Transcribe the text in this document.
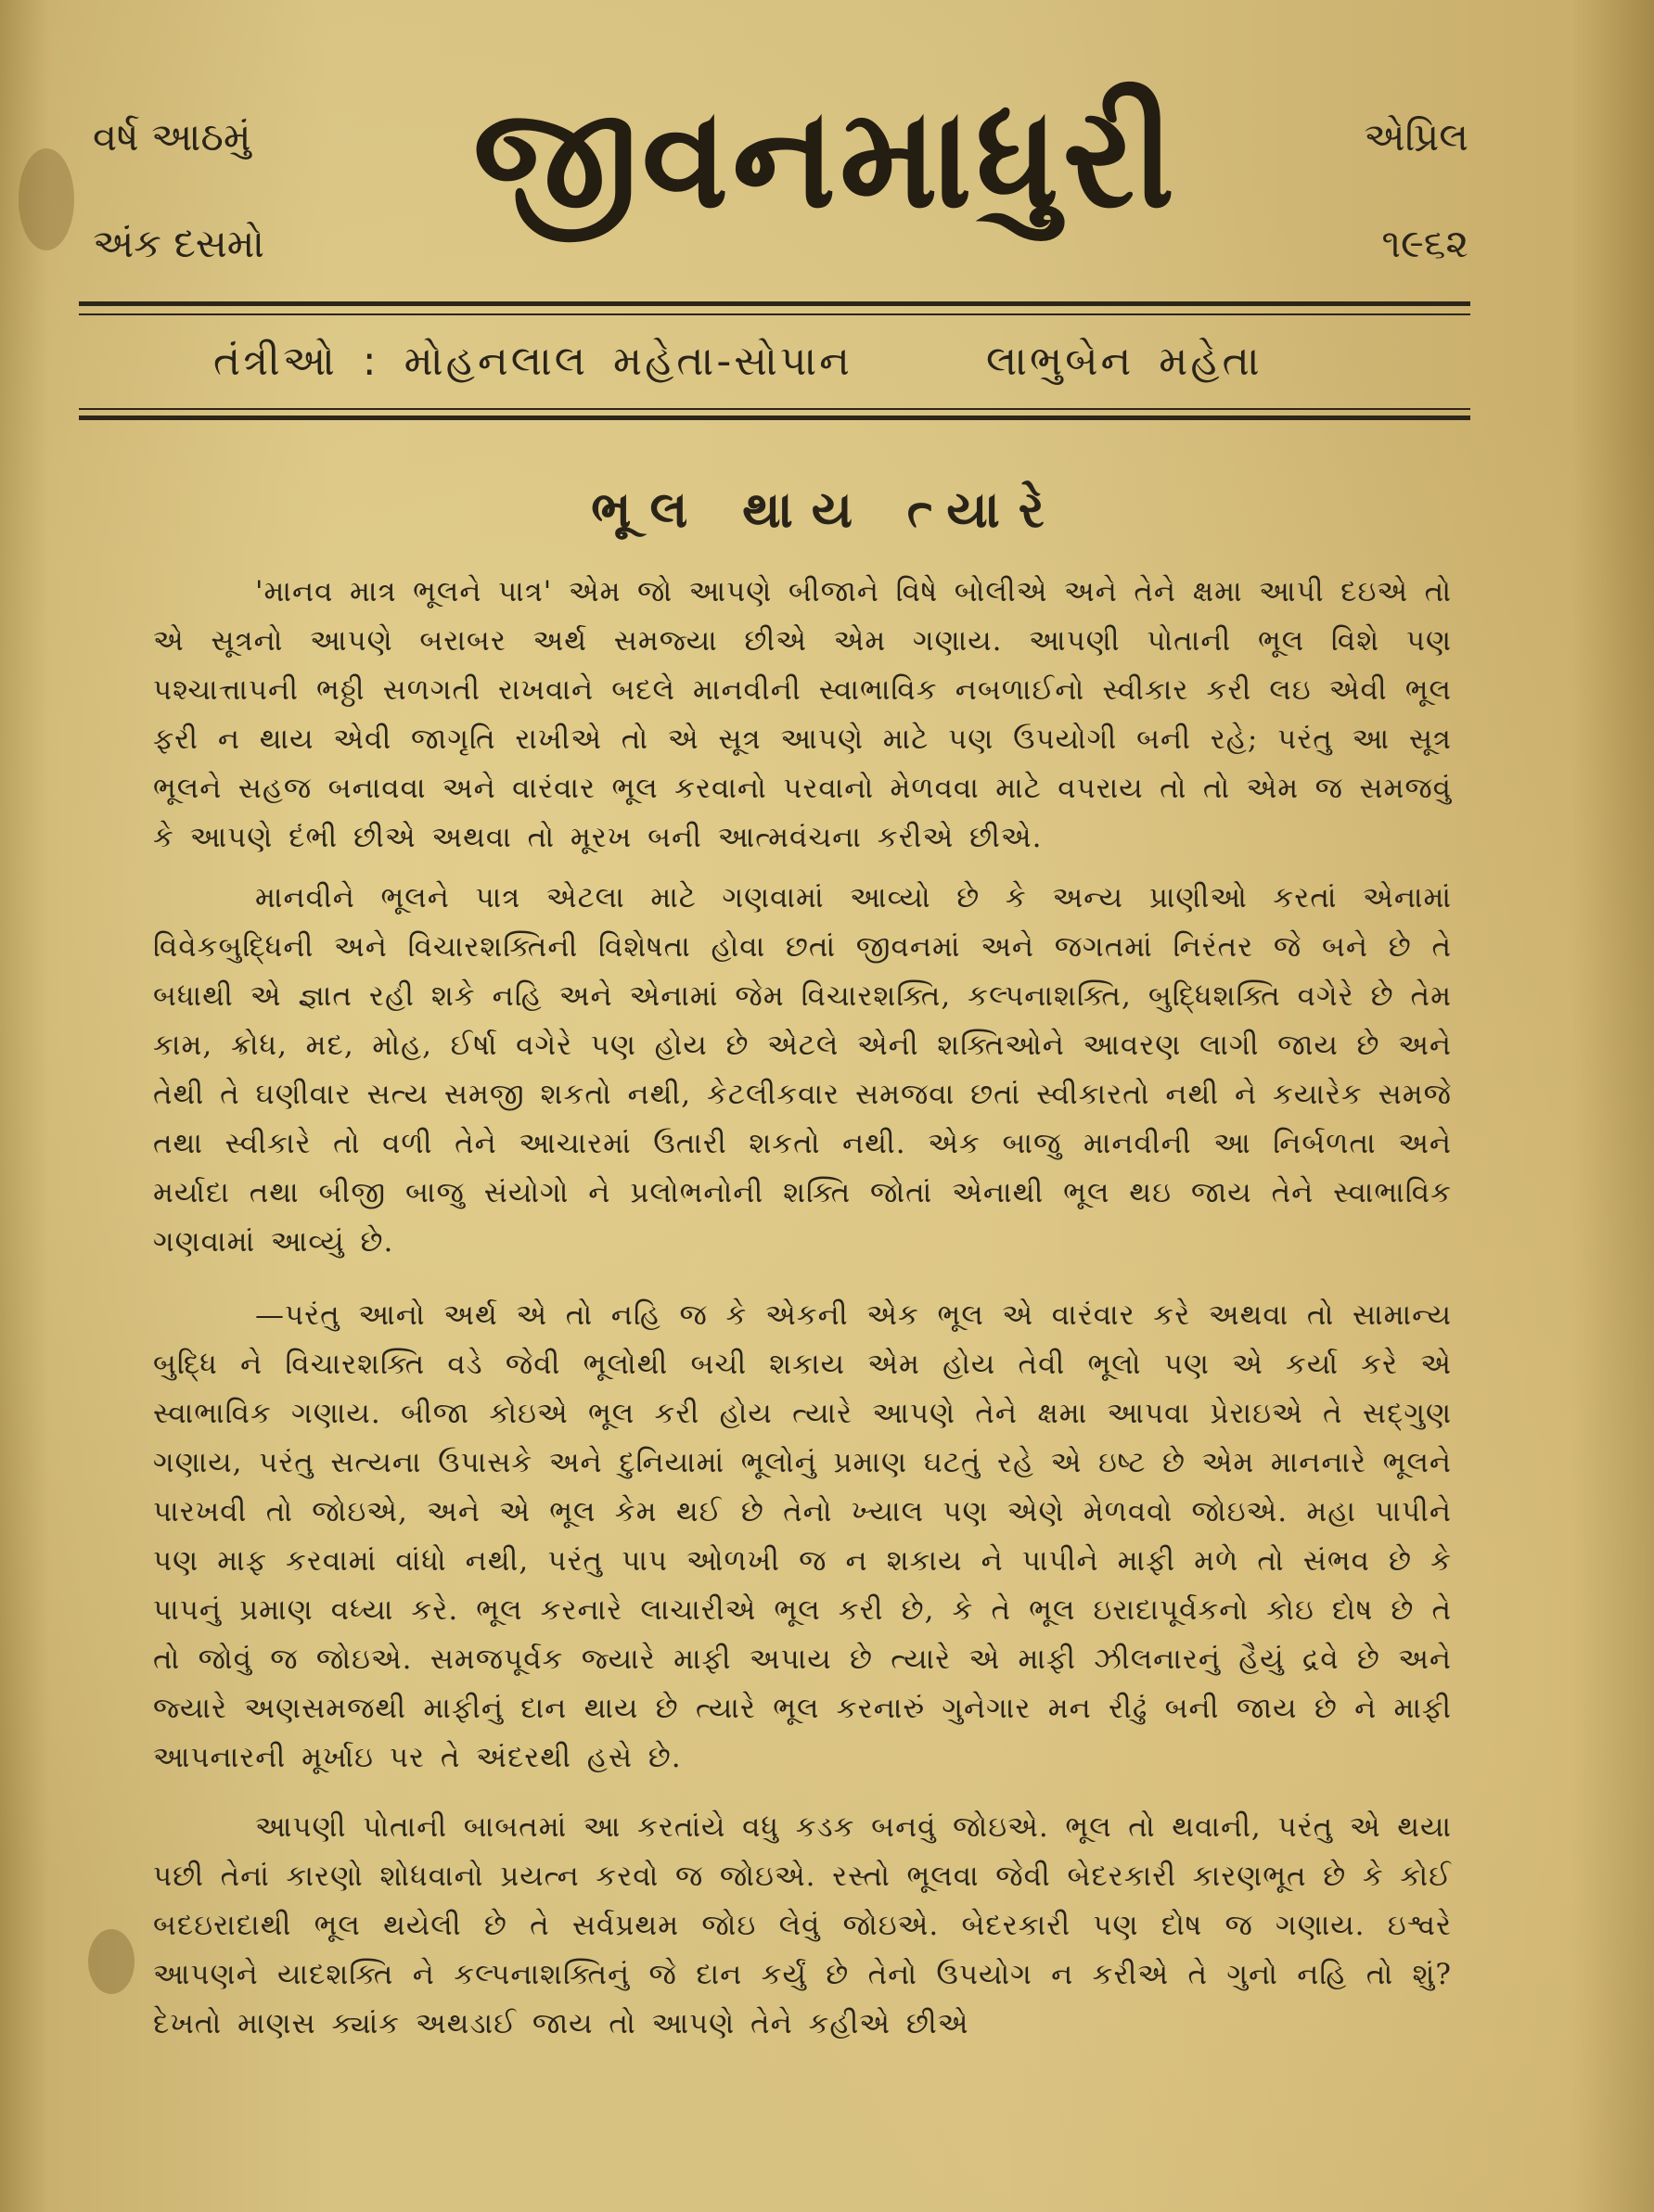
વર્ષ આઠમું
અંક દસમો
જીવનમાધુરી	એપ્રિલ
૧૯૬૨
તંત્રીઓ : મોહનલાલ મહેતા-સોપાન	લાભુબેન મહેતા
ભૂલ થાય ત્યારે

'માનવ માત્ર ભૂલને પાત્ર' એમ જો આપણે બીજાને વિષે બોલીએ અને તેને ક્ષમા આપી દઇએ તો એ સૂત્રનો આપણે બરાબર અર્થ સમજ્યા છીએ એમ ગણાય. આપણી પોતાની ભૂલ વિશે પણ પશ્ચાત્તાપની ભઠ્ઠી સળગતી રાખવાને બદલે માનવીની સ્વાભાવિક નબળાઈનો સ્વીકાર કરી લઇ એવી ભૂલ ફરી ન થાય એવી જાગૃતિ રાખીએ તો એ સૂત્ર આપણે માટે પણ ઉપયોગી બની રહે; પરંતુ આ સૂત્ર ભૂલને સહજ બનાવવા અને વારંવાર ભૂલ કરવાનો પરવાનો મેળવવા માટે વપરાય તો તો એમ જ સમજવું કે આપણે દંભી છીએ અથવા તો મૂરખ બની આત્મવંચના કરીએ છીએ.

માનવીને ભૂલને પાત્ર એટલા માટે ગણવામાં આવ્યો છે કે અન્ય પ્રાણીઓ કરતાં એનામાં વિવેકબુદ્ધિની અને વિચારશક્તિની વિશેષતા હોવા છતાં જીવનમાં અને જગતમાં નિરંતર જે બને છે તે બધાથી એ જ્ઞાત રહી શકે નહિ અને એનામાં જેમ વિચારશક્તિ, કલ્પનાશક્તિ, બુદ્ધિશક્તિ વગેરે છે તેમ કામ, ક્રોધ, મદ, મોહ, ઈર્ષા વગેરે પણ હોય છે એટલે એની શક્તિઓને આવરણ લાગી જાય છે અને તેથી તે ઘણીવાર સત્ય સમજી શકતો નથી, કેટલીકવાર સમજવા છતાં સ્વીકારતો નથી ને કયારેક સમજે તથા સ્વીકારે તો વળી તેને આચારમાં ઉતારી શકતો નથી. એક બાજુ માનવીની આ નિર્બળતા અને મર્યાદા તથા બીજી બાજુ સંયોગો ને પ્રલોભનોની શક્તિ જોતાં એનાથી ભૂલ થઇ જાય તેને સ્વાભાવિક ગણવામાં આવ્યું છે.

—પરંતુ આનો અર્થ એ તો નહિ જ કે એકની એક ભૂલ એ વારંવાર કરે અથવા તો સામાન્ય બુદ્ધિ ને વિચારશક્તિ વડે જેવી ભૂલોથી બચી શકાય એમ હોય તેવી ભૂલો પણ એ કર્યા કરે એ સ્વાભાવિક ગણાય. બીજા કોઇએ ભૂલ કરી હોય ત્યારે આપણે તેને ક્ષમા આપવા પ્રેરાઇએ તે સદ્ગુણ ગણાય, પરંતુ સત્યના ઉપાસકે અને દુનિયામાં ભૂલોનું પ્રમાણ ઘટતું રહે એ ઇષ્ટ છે એમ માનનારે ભૂલને પારખવી તો જોઇએ, અને એ ભૂલ કેમ થઈ છે તેનો ખ્યાલ પણ એણે મેળવવો જોઇએ. મહા પાપીને પણ માફ કરવામાં વાંધો નથી, પરંતુ પાપ ઓળખી જ ન શકાય ને પાપીને માફી મળે તો સંભવ છે કે પાપનું પ્રમાણ વધ્યા કરે. ભૂલ કરનારે લાચારીએ ભૂલ કરી છે, કે તે ભૂલ ઇરાદાપૂર્વકનો કોઇ દોષ છે તે તો જોવું જ જોઇએ. સમજપૂર્વક જ્યારે માફી અપાય છે ત્યારે એ માફી ઝીલનારનું હૈયું દ્રવે છે અને જ્યારે અણસમજથી માફીનું દાન થાય છે ત્યારે ભૂલ કરનારું ગુનેગાર મન રીઢું બની જાય છે ને માફી આપનારની મૂર્ખાઇ પર તે અંદરથી હસે છે.

આપણી પોતાની બાબતમાં આ કરતાંયે વધુ કડક બનવું જોઇએ. ભૂલ તો થવાની, પરંતુ એ થયા પછી તેનાં કારણો શોધવાનો પ્રયત્ન કરવો જ જોઇએ. રસ્તો ભૂલવા જેવી બેદરકારી કારણભૂત છે કે કોઈ બદઇરાદાથી ભૂલ થયેલી છે તે સર્વપ્રથમ જોઇ લેવું જોઇએ. બેદરકારી પણ દોષ જ ગણાય. ઇશ્વરે આપણને યાદશક્તિ ને કલ્પનાશક્તિનું જે દાન કર્યું છે તેનો ઉપયોગ ન કરીએ તે ગુનો નહિ તો શું? દેખતો માણસ ક્યાંક અથડાઈ જાય તો આપણે તેને કહીએ છીએ
